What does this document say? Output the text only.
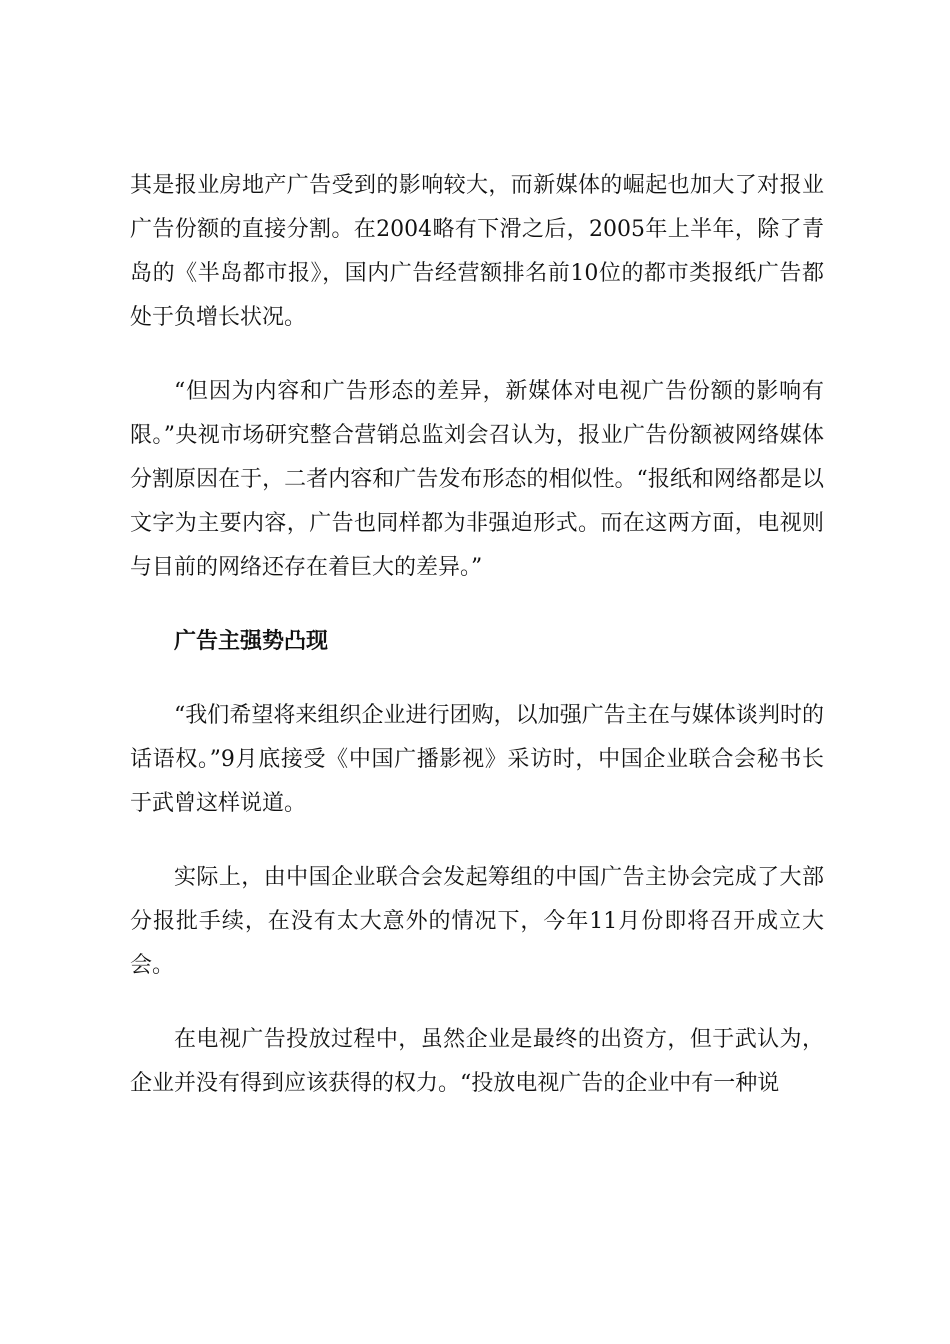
其是报业房地产广告受到的影响较大，而新媒体的崛起也加大了对报业广告份额的直接分割。在2004略有下滑之后，2005年上半年，除了青岛的《半岛都市报》，国内广告经营额排名前10位的都市类报纸广告都处于负增长状况。

“但因为内容和广告形态的差异，新媒体对电视广告份额的影响有限。”央视市场研究整合营销总监刘会召认为，报业广告份额被网络媒体分割原因在于，二者内容和广告发布形态的相似性。“报纸和网络都是以文字为主要内容，广告也同样都为非强迫形式。而在这两方面，电视则与目前的网络还存在着巨大的差异。”

广告主强势凸现

“我们希望将来组织企业进行团购，以加强广告主在与媒体谈判时的话语权。”9月底接受《中国广播影视》采访时，中国企业联合会秘书长于武曾这样说道。

实际上，由中国企业联合会发起筹组的中国广告主协会完成了大部分报批手续，在没有太大意外的情况下，今年11月份即将召开成立大会。

在电视广告投放过程中，虽然企业是最终的出资方，但于武认为，企业并没有得到应该获得的权力。“投放电视广告的企业中有一种说
